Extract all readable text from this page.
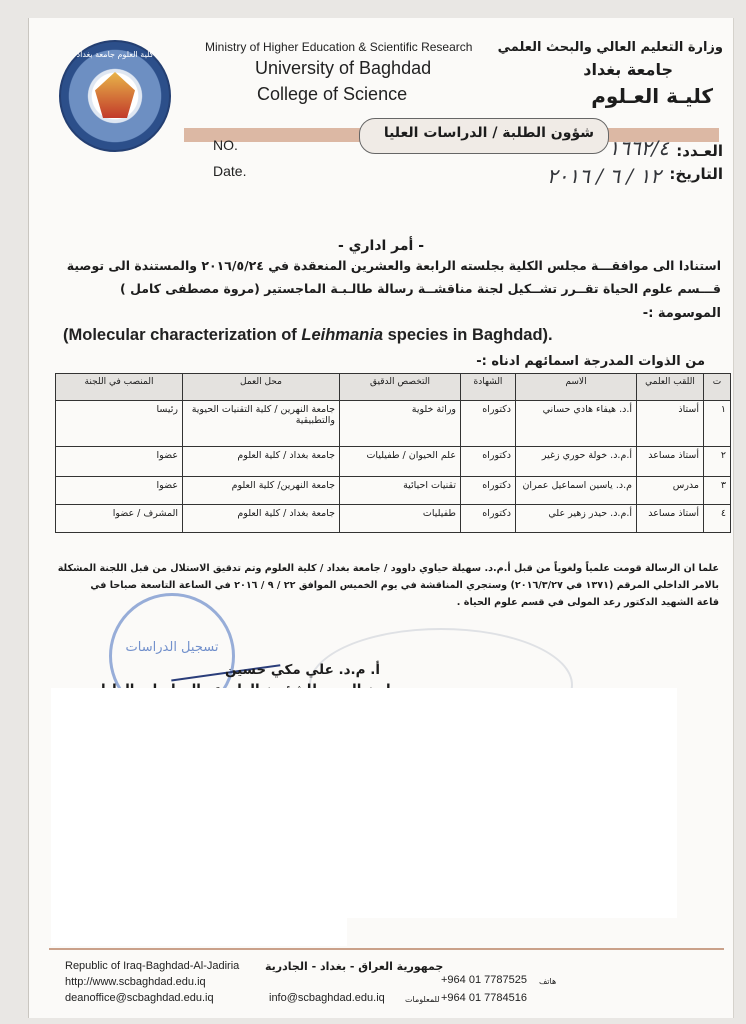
كلية العلوم جامعة بغداد
Ministry of Higher Education & Scientific Research
University of Baghdad
College of Science
وزارة التعليم العالي والبحث العلمي
جامعة بغداد
كليـة العـلوم
شؤون الطلبة / الدراسات العليا
NO.
Date.
العـدد:
١٦٦٢/٤
التاريخ:
١٢ / ٦ / ٢٠١٦
- أمر اداري -
استنادا الى موافقـــة مجلس الكلية بجلسته الرابعة والعشرين المنعقدة في ٢٠١٦/٥/٢٤ والمستندة الى توصية
قـــسم علوم الحياة تقــرر تشــكيل لجنة مناقشــة رسالة طالـبـة الماجستير (مروة مصطفى كامل )
الموسومة :-
(Molecular characterization of Leihmania species in Baghdad).
من الذوات المدرجة اسمائهم ادناه :-
ت	اللقب العلمي	الاسم	الشهادة	التخصص الدقيق	محل العمل	المنصب في اللجنة
١	أستاذ	أ.د. هيفاء هادي حساني	دكتوراه	وراثة خلوية	جامعة النهرين / كلية التقنيات الحيوية والتطبيقية	رئيسا
٢	أستاذ مساعد	أ.م.د. خولة حوري زغير	دكتوراه	علم الحيوان / طفيليات	جامعة بغداد / كلية العلوم	عضوا
٣	مدرس	م.د. ياسين اسماعيل عمران	دكتوراه	تقنيات احيائية	جامعة النهرين/ كلية العلوم	عضوا
٤	أستاذ مساعد	أ.م.د. حيدر زهير علي	دكتوراه	طفيليات	جامعة بغداد / كلية العلوم	المشرف / عضوا
علما ان الرسالة قومت علمياً ولغوياً من قبل أ.م.د. سهيلة حياوي داوود / جامعة بغداد / كلية العلوم وتم تدقيق الاستلال من قبل اللجنة المشكلة
بالامر الداخلي المرقم (١٣٧١ في ٢٠١٦/٣/٢٧) وستجري المناقشة في يوم الخميس الموافق ٢٢ / ٩ / ٢٠١٦ في الساعة التاسعة صباحا في
قاعة الشهيد الدكتور رعد المولى في قسم علوم الحياة .
تسجيل الدراسات
أ. م.د. علي مكي حسين
Republic of Iraq-Baghdad-Al-Jadiria
http://www.scbaghdad.edu.iq
deanoffice@scbaghdad.edu.iq
جمهورية العراق - بغداد - الجادرية
info@scbaghdad.edu.iq	للمعلومات
+964 01 7787525 هاتف
+964 01 7784516
